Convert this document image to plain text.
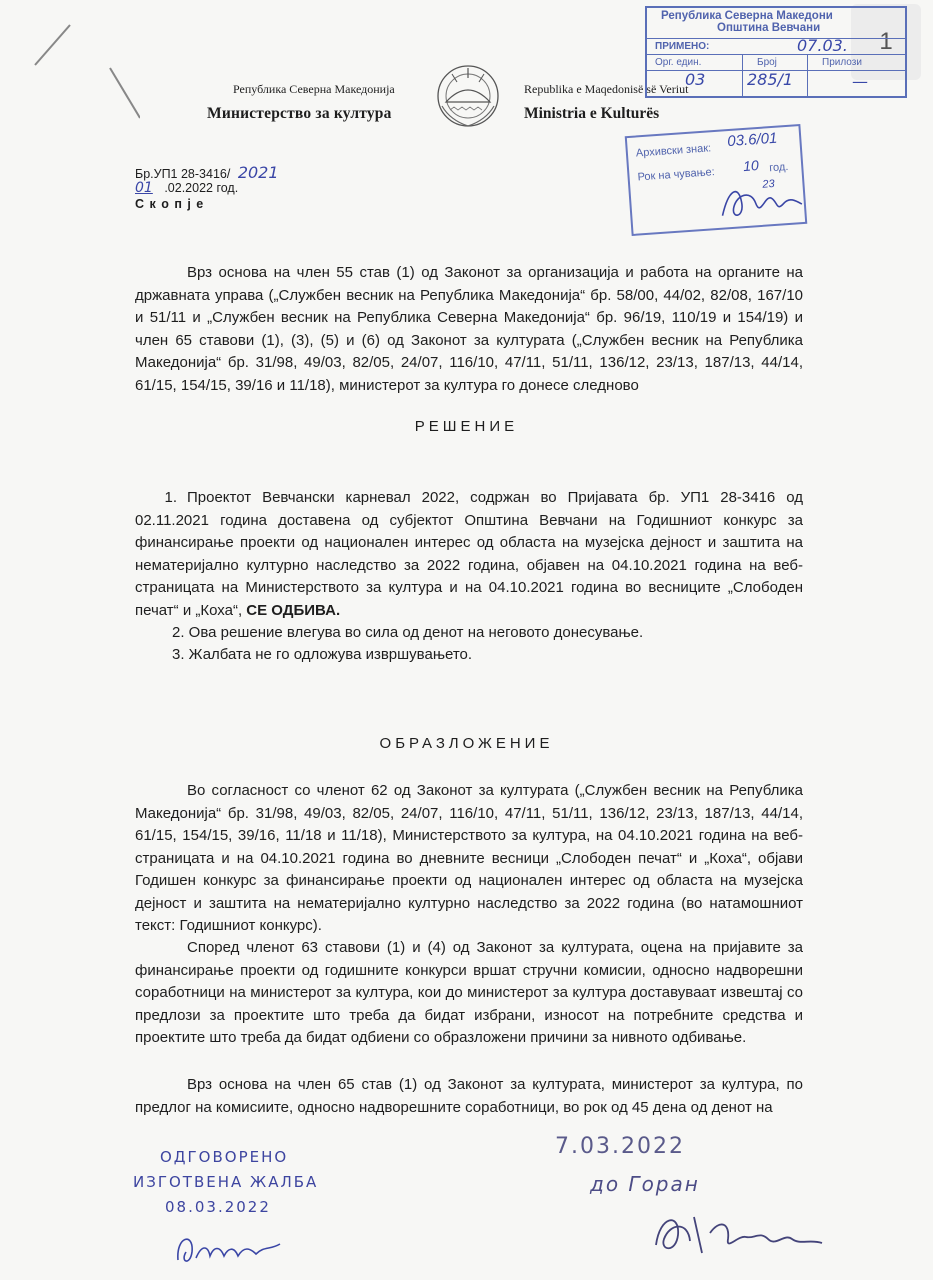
1
Република Северна Македонија
Министерство за култура
Republika e Maqedonisë së Veriut
Ministria e Kulturës
Република Северна Македони
Општина Вевчани
ПРИМЕНО:	07.03.
Орг. един.	Број	Прилози
03	285/1	—
Архивски знак:
03.6/01
Рок на чување:
10 год.
23
Бр.УП1 28-3416/ 2021
01 .02.2022 год.
С к о п ј е

Врз основа на член 55 став (1) од Законот за организација и работа на органите на државната управа („Службен весник на Република Македонија“ бр. 58/00, 44/02, 82/08, 167/10 и 51/11 и „Службен весник на Република Северна Македонија“ бр. 96/19, 110/19 и 154/19) и член 65 ставови (1), (3), (5) и (6) од Законот за културата („Службен весник на Република Македонија“ бр. 31/98, 49/03, 82/05, 24/07, 116/10, 47/11, 51/11, 136/12, 23/13, 187/13, 44/14, 61/15, 154/15, 39/16 и 11/18), министерот за култура го донесе следново

РЕШЕНИЕ
1. Проектот Вевчански карневал 2022, содржан во Пријавата бр. УП1 28-3416 од 02.11.2021 година доставена од субјектот Општина Вевчани на Годишниот конкурс за финансирање проекти од национален интерес од областа на музејска дејност и заштита на нематеријално културно наследство за 2022 година, објавен на 04.10.2021 година на веб-страницата на Министерството за култура и на 04.10.2021 година во весниците „Слободен печат“ и „Коха“, СЕ ОДБИВА.
2. Ова решение влегува во сила од денот на неговото донесување.
3. Жалбата не го одложува извршувањето.
ОБРАЗЛОЖЕНИЕ

Во согласност со членот 62 од Законот за културата („Службен весник на Република Македонија“ бр. 31/98, 49/03, 82/05, 24/07, 116/10, 47/11, 51/11, 136/12, 23/13, 187/13, 44/14, 61/15, 154/15, 39/16, 11/18 и 11/18), Министерството за култура, на 04.10.2021 година на веб-страницата и на 04.10.2021 година во дневните весници „Слободен печат“ и „Коха“, објави Годишен конкурс за финансирање проекти од национален интерес од областа на музејска дејност и заштита на нематеријално културно наследство за 2022 година (во натамошниот текст: Годишниот конкурс).

Според членот 63 ставови (1) и (4) од Законот за културата, оцена на пријавите за финансирање проекти од годишните конкурси вршат стручни комисии, односно надворешни соработници на министерот за култура, кои до министерот за култура доставуваат извештај со предлози за проектите што треба да бидат избрани, износот на потребните средства и проектите што треба да бидат одбиени со образложени причини за нивното одбивање.

Врз основа на член 65 став (1) од Законот за културата, министерот за култура, по предлог на комисиите, односно надворешните соработници, во рок од 45 дена од денот на

ОДГОВОРЕНО
ИЗГОТВЕНА ЖАЛБА
08.03.2022
7.03.2022
до Горан
